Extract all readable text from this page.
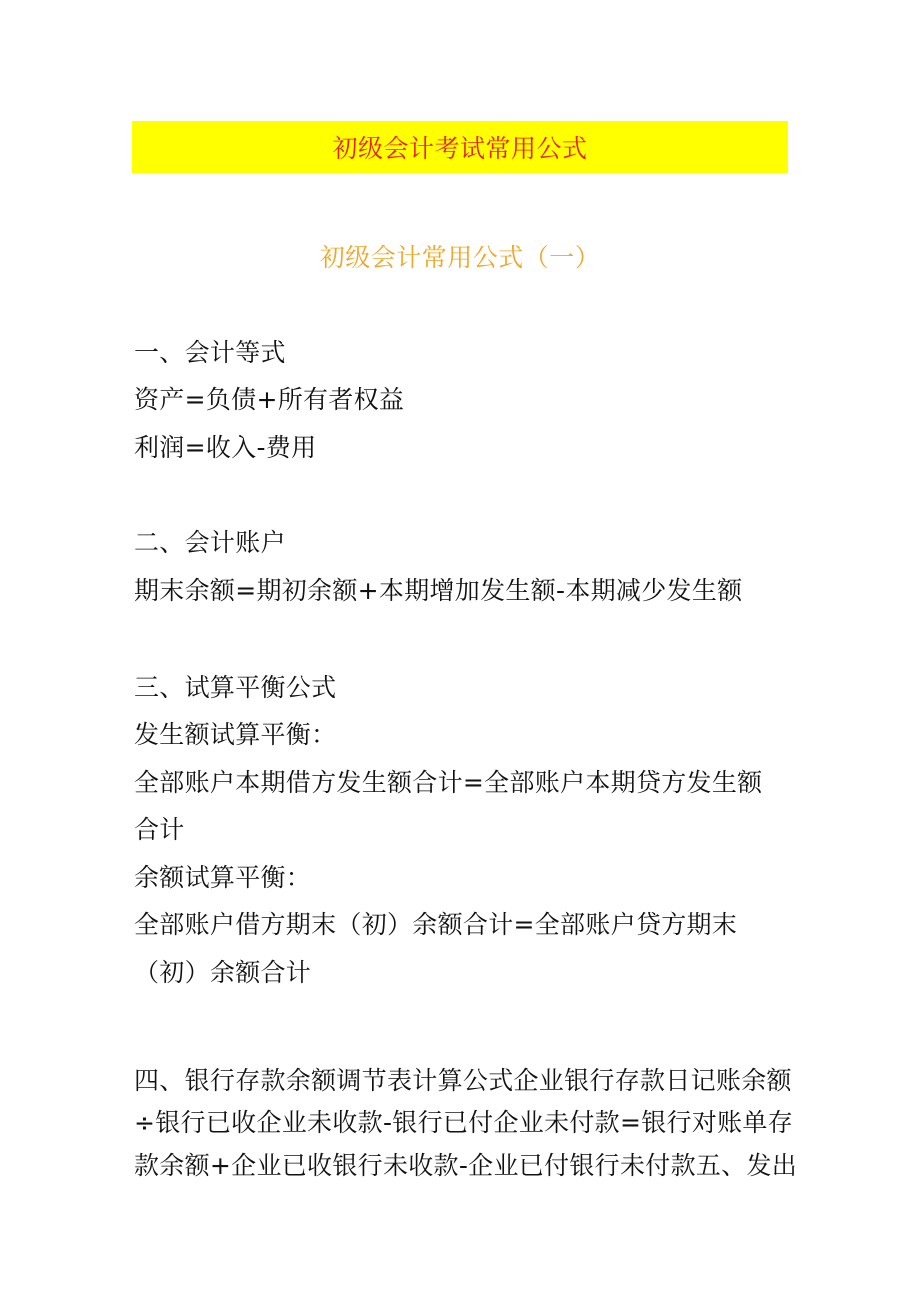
初级会计考试常用公式
初级会计常用公式（一）
一、会计等式
资产=负债+所有者权益
利润=收入-费用
二、会计账户
期末余额=期初余额+本期增加发生额-本期减少发生额
三、试算平衡公式
发生额试算平衡：
全部账户本期借方发生额合计=全部账户本期贷方发生额
合计
余额试算平衡：
全部账户借方期末（初）余额合计=全部账户贷方期末
（初）余额合计
四、银行存款余额调节表计算公式企业银行存款日记账余额
÷银行已收企业未收款-银行已付企业未付款=银行对账单存
款余额+企业已收银行未收款-企业已付银行未付款五、发出
